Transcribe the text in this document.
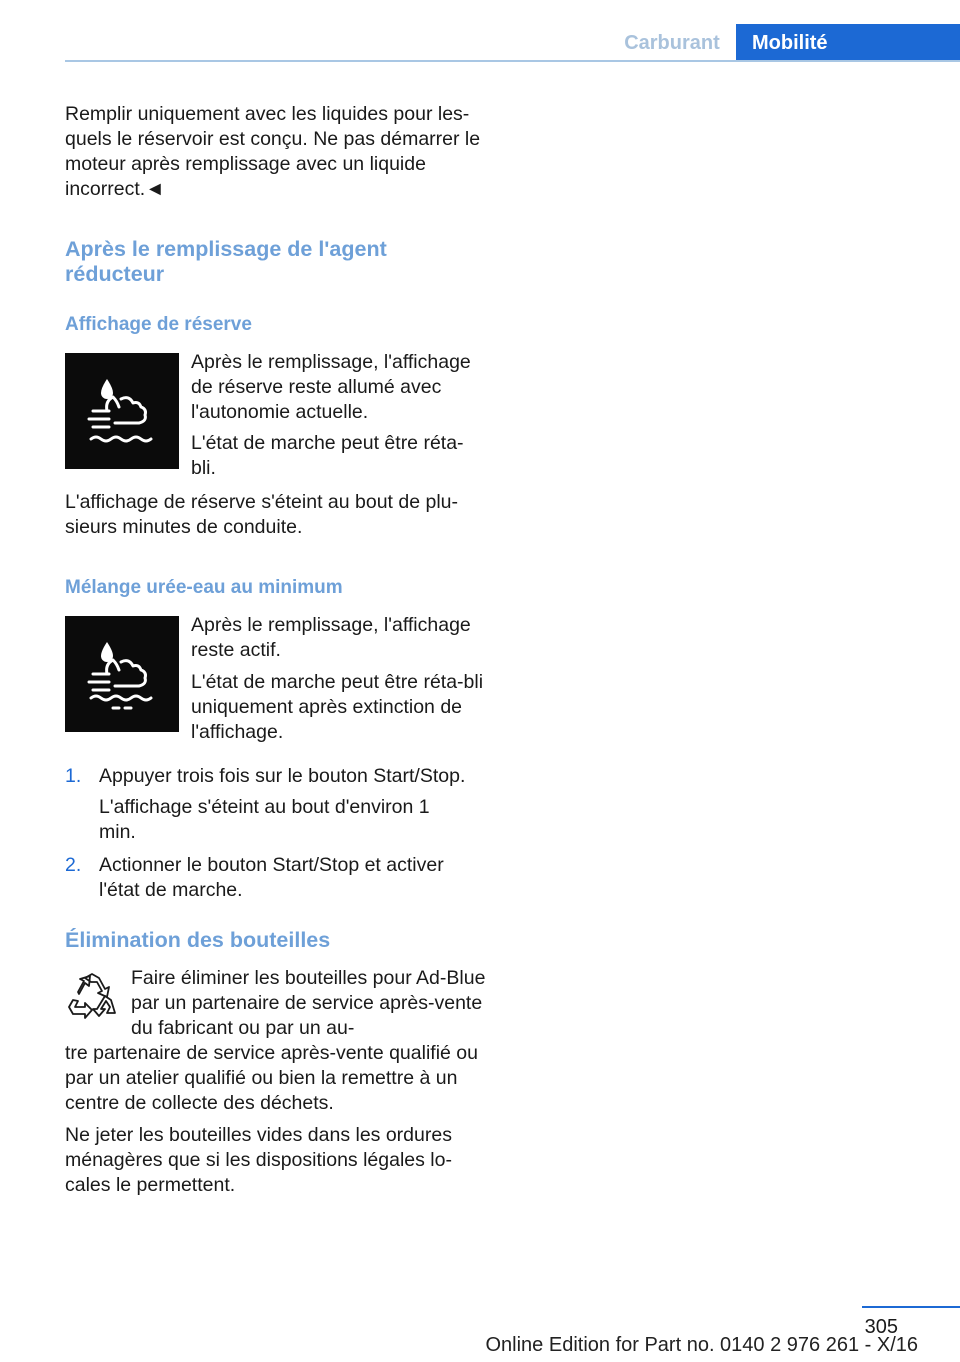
Carburant	Mobilité

Remplir uniquement avec les liquides pour les-quels le réservoir est conçu. Ne pas démarrer le moteur après remplissage avec un liquide incorrect.◄

Après le remplissage de l'agent réducteur
Affichage de réserve

Après le remplissage, l'affichage de réserve reste allumé avec l'autonomie actuelle.

L'état de marche peut être réta-bli.

L'affichage de réserve s'éteint au bout de plu-sieurs minutes de conduite.

Mélange urée-eau au minimum

Après le remplissage, l'affichage reste actif.

L'état de marche peut être réta-bli uniquement après extinction de l'affichage.

1. Appuyer trois fois sur le bouton Start/Stop.

L'affichage s'éteint au bout d'environ 1 min.

2. Actionner le bouton Start/Stop et activer l'état de marche.

Élimination des bouteilles

Faire éliminer les bouteilles pour Ad-Blue par un partenaire de service après-vente du fabricant ou par un au-

tre partenaire de service après-vente qualifié ou par un atelier qualifié ou bien la remettre à un centre de collecte des déchets.

Ne jeter les bouteilles vides dans les ordures ménagères que si les dispositions légales lo-cales le permettent.

305
Online Edition for Part no. 0140 2 976 261 - X/16
